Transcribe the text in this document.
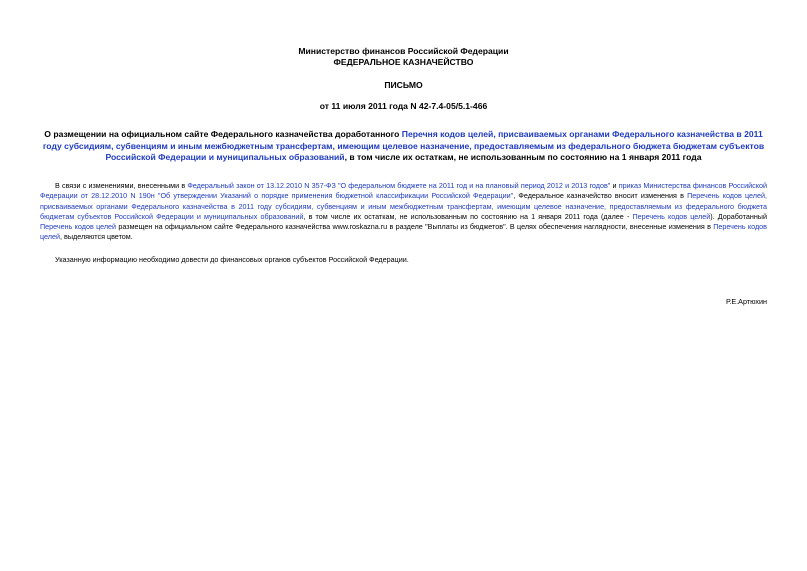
Министерство финансов Российской Федерации
ФЕДЕРАЛЬНОЕ КАЗНАЧЕЙСТВО
ПИСЬМО
от 11 июля 2011 года N 42-7.4-05/5.1-466
О размещении на официальном сайте Федерального казначейства доработанного Перечня кодов целей, присваиваемых органами Федерального казначейства в 2011 году субсидиям, субвенциям и иным межбюджетным трансфертам, имеющим целевое назначение, предоставляемым из федерального бюджета бюджетам субъектов Российской Федерации и муниципальных образований, в том числе их остаткам, не использованным по состоянию на 1 января 2011 года
В связи с изменениями, внесенными в Федеральный закон от 13.12.2010 N 357-ФЗ "О федеральном бюджете на 2011 год и на плановый период 2012 и 2013 годов" и приказ Министерства финансов Российской Федерации от 28.12.2010 N 190н "Об утверждении Указаний о порядке применения бюджетной классификации Российской Федерации", Федеральное казначейство вносит изменения в Перечень кодов целей, присваиваемых органами Федерального казначейства в 2011 году субсидиям, субвенциям и иным межбюджетным трансфертам, имеющим целевое назначение, предоставляемым из федерального бюджета бюджетам субъектов Российской Федерации и муниципальных образований, в том числе их остаткам, не использованным по состоянию на 1 января 2011 года (далее - Перечень кодов целей). Доработанный Перечень кодов целей размещен на официальном сайте Федерального казначейства www.roskazna.ru в разделе "Выплаты из бюджетов". В целях обеспечения наглядности, внесенные изменения в Перечень кодов целей, выделяются цветом.
Указанную информацию необходимо довести до финансовых органов субъектов Российской Федерации.
Р.Е.Артюхин
